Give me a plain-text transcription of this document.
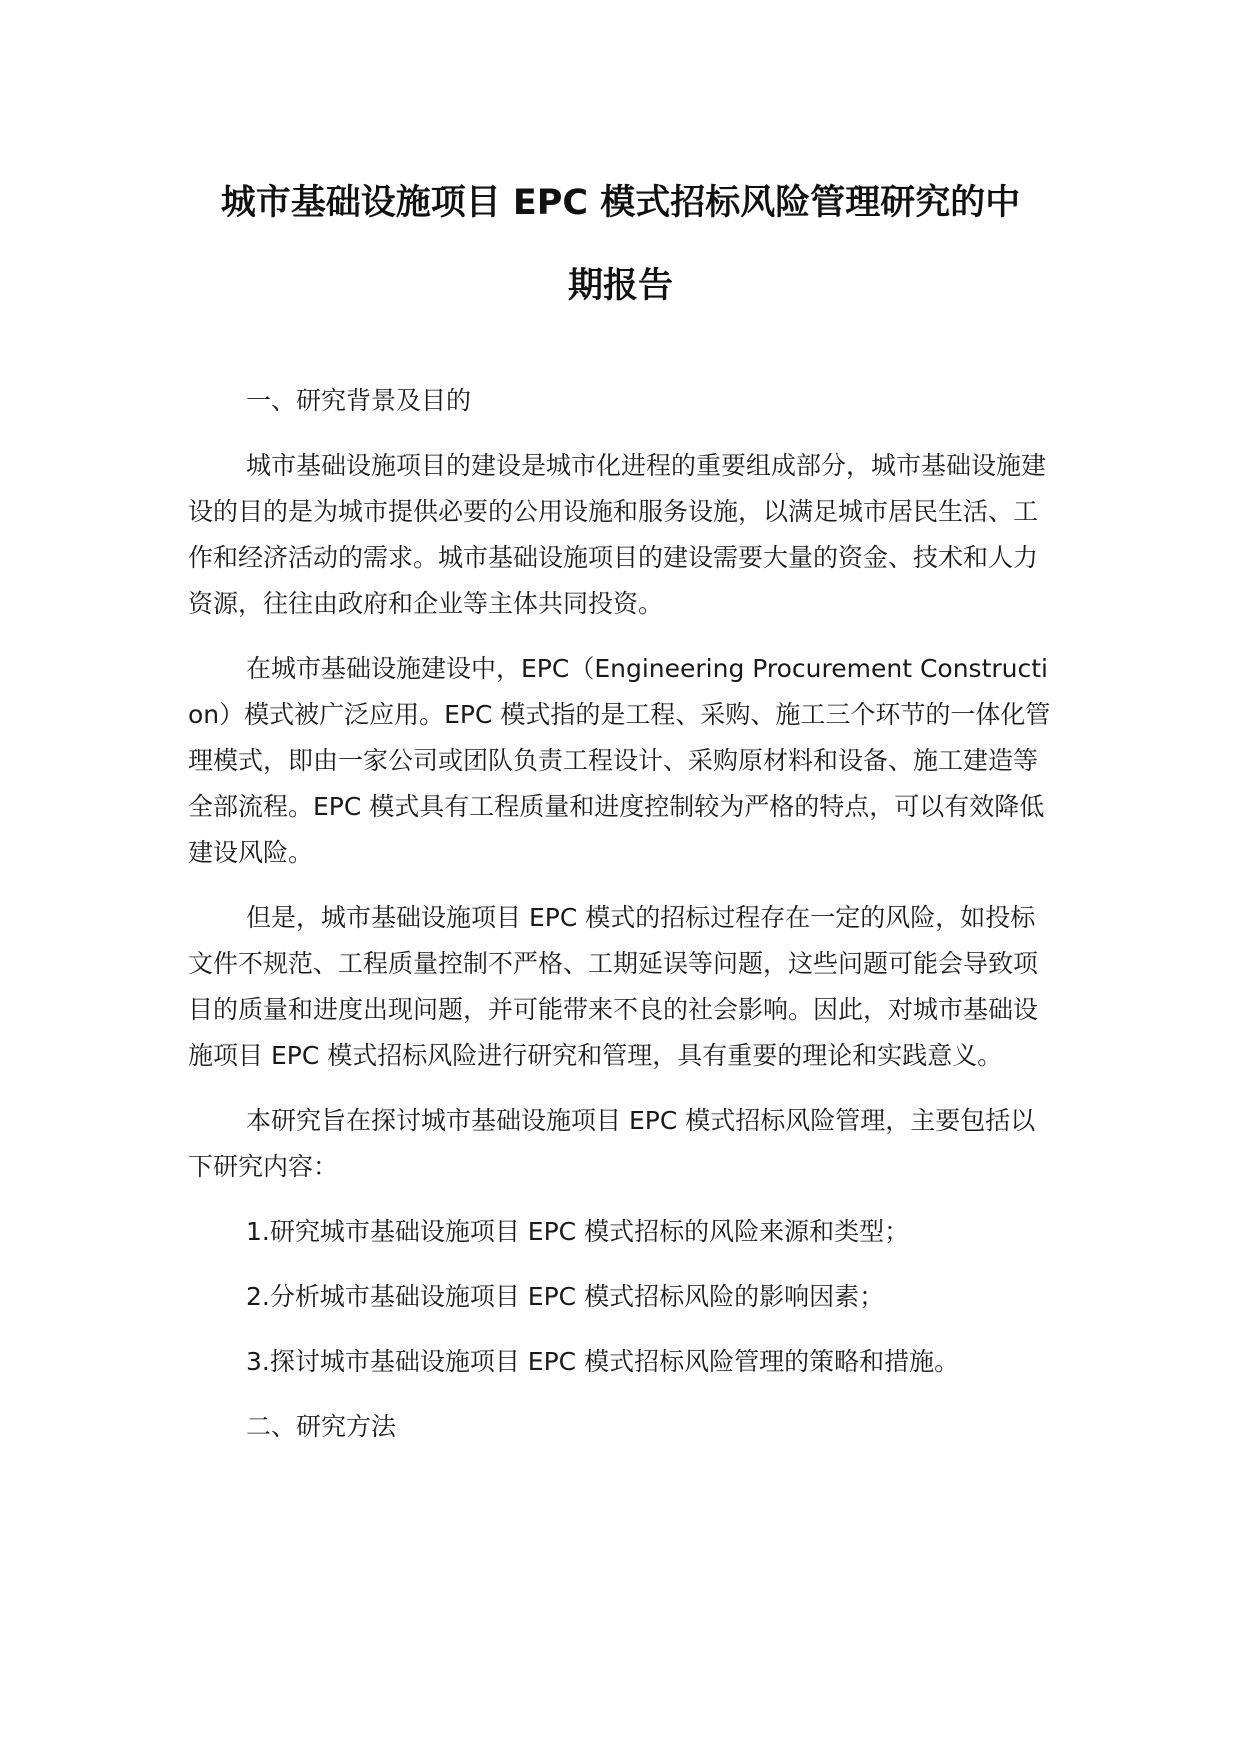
城市基础设施项目 EPC 模式招标风险管理研究的中
期报告

一、研究背景及目的

城市基础设施项目的建设是城市化进程的重要组成部分，城市基础设施建设的目的是为城市提供必要的公用设施和服务设施，以满足城市居民生活、工作和经济活动的需求。城市基础设施项目的建设需要大量的资金、技术和人力资源，往往由政府和企业等主体共同投资。

在城市基础设施建设中，EPC（Engineering Procurement Construction）模式被广泛应用。EPC 模式指的是工程、采购、施工三个环节的一体化管理模式，即由一家公司或团队负责工程设计、采购原材料和设备、施工建造等全部流程。EPC 模式具有工程质量和进度控制较为严格的特点，可以有效降低建设风险。

但是，城市基础设施项目 EPC 模式的招标过程存在一定的风险，如投标文件不规范、工程质量控制不严格、工期延误等问题，这些问题可能会导致项目的质量和进度出现问题，并可能带来不良的社会影响。因此，对城市基础设施项目 EPC 模式招标风险进行研究和管理，具有重要的理论和实践意义。

本研究旨在探讨城市基础设施项目 EPC 模式招标风险管理，主要包括以下研究内容：

1.研究城市基础设施项目 EPC 模式招标的风险来源和类型；

2.分析城市基础设施项目 EPC 模式招标风险的影响因素；

3.探讨城市基础设施项目 EPC 模式招标风险管理的策略和措施。

二、研究方法
